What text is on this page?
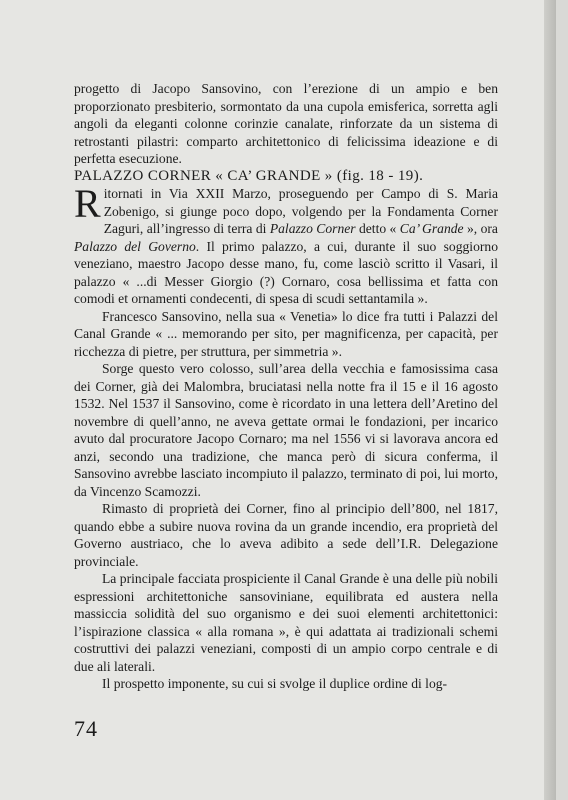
progetto di Jacopo Sansovino, con l’erezione di un ampio e ben proporzionato presbiterio, sormontato da una cupola emisferica, sorretta agli angoli da eleganti colonne corinzie canalate, rinforzate da un sistema di retrostanti pilastri: comparto architettonico di felicissima ideazione e di perfetta esecuzione.

PALAZZO CORNER « CA’ GRANDE » (fig. 18 - 19).

Ritornati in Via XXII Marzo, proseguendo per Campo di S. Maria Zobenigo, si giunge poco dopo, volgendo per la Fondamenta Corner Zaguri, all’ingresso di terra di Palazzo Corner detto « Ca’ Grande », ora Palazzo del Governo. Il primo palazzo, a cui, durante il suo soggiorno veneziano, maestro Jacopo desse mano, fu, come lasciò scritto il Vasari, il palazzo « ...di Messer Giorgio (?) Cornaro, cosa bellissima et fatta con comodi et ornamenti condecenti, di spesa di scudi settantamila ».

Francesco Sansovino, nella sua « Venetia» lo dice fra tutti i Palazzi del Canal Grande « ... memorando per sito, per magnificenza, per capacità, per ricchezza di pietre, per struttura, per simmetria ».

Sorge questo vero colosso, sull’area della vecchia e famosissima casa dei Corner, già dei Malombra, bruciatasi nella notte fra il 15 e il 16 agosto 1532. Nel 1537 il Sansovino, come è ricordato in una lettera dell’Aretino del novembre di quell’anno, ne aveva gettate ormai le fondazioni, per incarico avuto dal procuratore Jacopo Cornaro; ma nel 1556 vi si lavorava ancora ed anzi, secondo una tradizione, che manca però di sicura conferma, il Sansovino avrebbe lasciato incompiuto il palazzo, terminato di poi, lui morto, da Vincenzo Scamozzi.

Rimasto di proprietà dei Corner, fino al principio dell’800, nel 1817, quando ebbe a subire nuova rovina da un grande incendio, era proprietà del Governo austriaco, che lo aveva adibito a sede dell’I.R. Delegazione provinciale.

La principale facciata prospiciente il Canal Grande è una delle più nobili espressioni architettoniche sansoviniane, equilibrata ed austera nella massiccia solidità del suo organismo e dei suoi elementi architettonici: l’ispirazione classica « alla romana », è qui adattata ai tradizionali schemi costruttivi dei palazzi veneziani, composti di un ampio corpo centrale e di due ali laterali.

Il prospetto imponente, su cui si svolge il duplice ordine di log-

74
